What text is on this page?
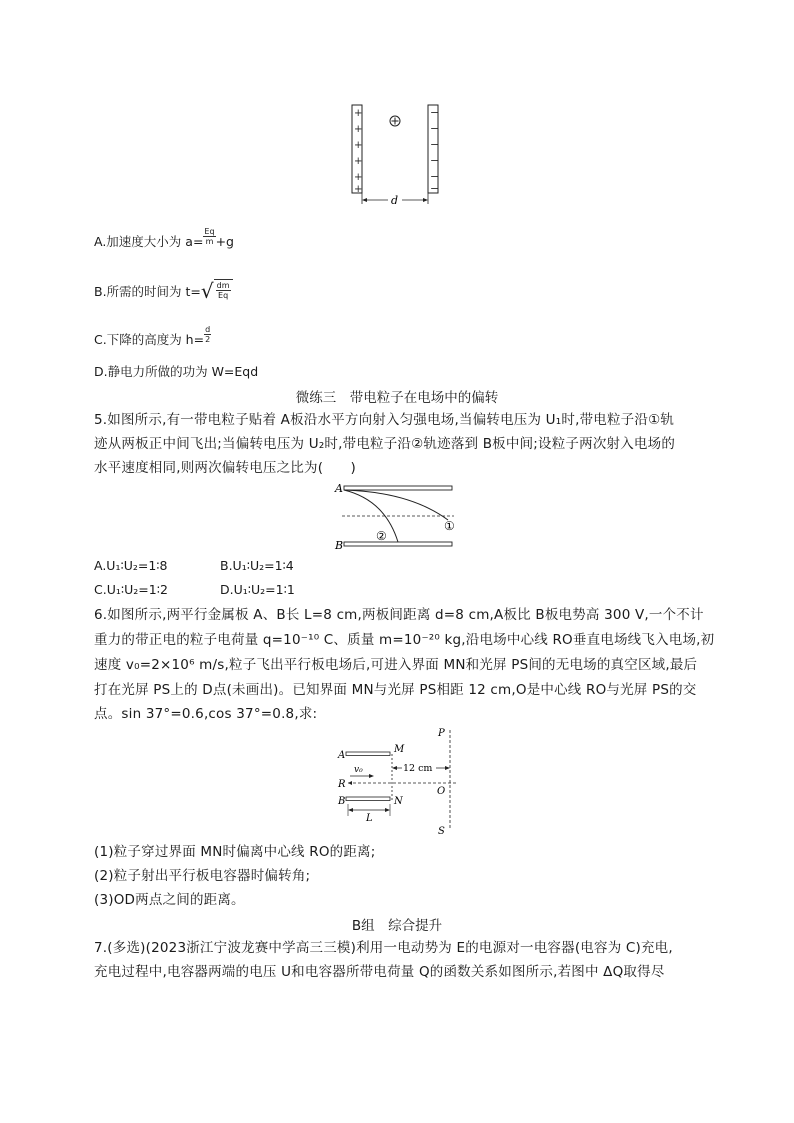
+
+
+
+
+
+
−
−
−
−
−
−
d
A.加速度大小为 $a= \frac{Eq}{m} +g$
B.所需的时间为 $t=√ \frac{dm}{Eq}$
C.下降的高度为 $h= \frac{d}{2}$
D.静电力所做的功为 W=Eqd
微练三　带电粒子在电场中的偏转
5.如图所示,有一带电粒子贴着 A板沿水平方向射入匀强电场,当偏转电压为 U₁时,带电粒子沿①轨
迹从两板正中间飞出;当偏转电压为 U₂时,带电粒子沿②轨迹落到 B板中间;设粒子两次射入电场的
水平速度相同,则两次偏转电压之比为(　　)
A
B
①
②
A.U₁∶U₂=1∶8	B.U₁∶U₂=1∶4
C.U₁∶U₂=1∶2	D.U₁∶U₂=1∶1
6.如图所示,两平行金属板 A、B长 L=8 cm,两板间距离 d=8 cm,A板比 B板电势高 300 V,一个不计
重力的带正电的粒子电荷量 q=10⁻¹⁰ C、质量 m=10⁻²⁰ kg,沿电场中心线 RO垂直电场线飞入电场,初
速度 v₀=2×10⁶ m/s,粒子飞出平行板电场后,可进入界面 MN和光屏 PS间的无电场的真空区域,最后
打在光屏 PS上的 D点(未画出)。已知界面 MN与光屏 PS相距 12 cm,O是中心线 RO与光屏 PS的交
点。sin 37°=0.6,cos 37°=0.8,求:
P
S
A
M
v₀
R
12 cm
O
B	N
L
(1)粒子穿过界面 MN时偏离中心线 RO的距离;
(2)粒子射出平行板电容器时偏转角;
(3)OD两点之间的距离。
B组　综合提升
7.(多选)(2023浙江宁波龙赛中学高三三模)利用一电动势为 E的电源对一电容器(电容为 C)充电,
充电过程中,电容器两端的电压 U和电容器所带电荷量 Q的函数关系如图所示,若图中 ΔQ取得尽
